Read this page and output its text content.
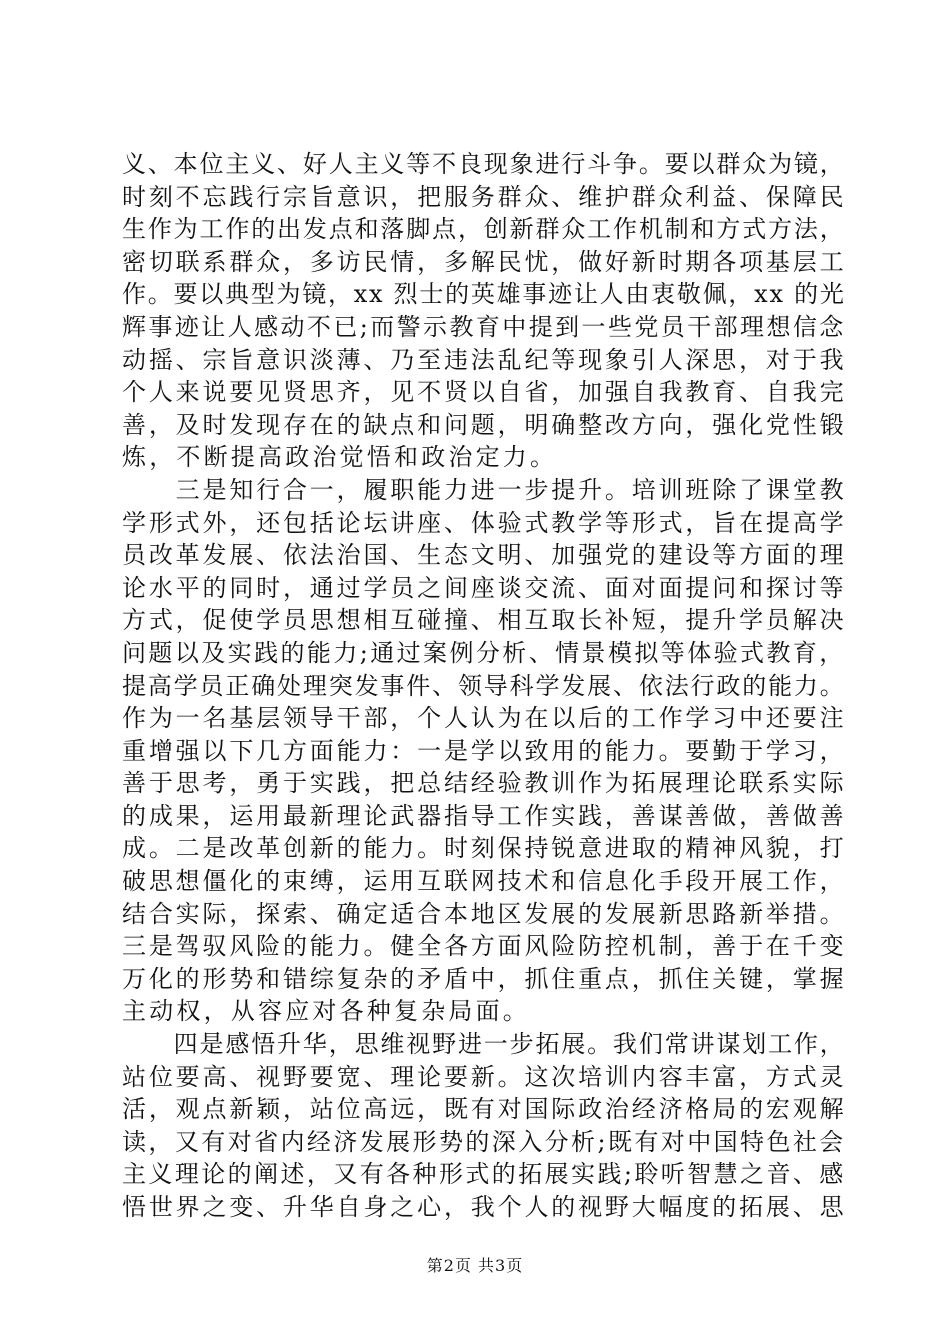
义、本位主义、好人主义等不良现象进行斗争。要以群众为镜，
时刻不忘践行宗旨意识，把服务群众、维护群众利益、保障民
生作为工作的出发点和落脚点，创新群众工作机制和方式方法，
密切联系群众，多访民情，多解民忧，做好新时期各项基层工
作。要以典型为镜，xx 烈士的英雄事迹让人由衷敬佩，xx 的光
辉事迹让人感动不已;而警示教育中提到一些党员干部理想信念
动摇、宗旨意识淡薄、乃至违法乱纪等现象引人深思，对于我
个人来说要见贤思齐，见不贤以自省，加强自我教育、自我完
善，及时发现存在的缺点和问题，明确整改方向，强化党性锻
炼，不断提高政治觉悟和政治定力。
　　三是知行合一，履职能力进一步提升。培训班除了课堂教
学形式外，还包括论坛讲座、体验式教学等形式，旨在提高学
员改革发展、依法治国、生态文明、加强党的建设等方面的理
论水平的同时，通过学员之间座谈交流、面对面提问和探讨等
方式，促使学员思想相互碰撞、相互取长补短，提升学员解决
问题以及实践的能力;通过案例分析、情景模拟等体验式教育，
提高学员正确处理突发事件、领导科学发展、依法行政的能力。
作为一名基层领导干部，个人认为在以后的工作学习中还要注
重增强以下几方面能力：一是学以致用的能力。要勤于学习，
善于思考，勇于实践，把总结经验教训作为拓展理论联系实际
的成果，运用最新理论武器指导工作实践，善谋善做，善做善
成。二是改革创新的能力。时刻保持锐意进取的精神风貌，打
破思想僵化的束缚，运用互联网技术和信息化手段开展工作，
结合实际，探索、确定适合本地区发展的发展新思路新举措。
三是驾驭风险的能力。健全各方面风险防控机制，善于在千变
万化的形势和错综复杂的矛盾中，抓住重点，抓住关键，掌握
主动权，从容应对各种复杂局面。
　　四是感悟升华，思维视野进一步拓展。我们常讲谋划工作，
站位要高、视野要宽、理论要新。这次培训内容丰富，方式灵
活，观点新颖，站位高远，既有对国际政治经济格局的宏观解
读，又有对省内经济发展形势的深入分析;既有对中国特色社会
主义理论的阐述，又有各种形式的拓展实践;聆听智慧之音、感
悟世界之变、升华自身之心，我个人的视野大幅度的拓展、思
第2页 共3页
